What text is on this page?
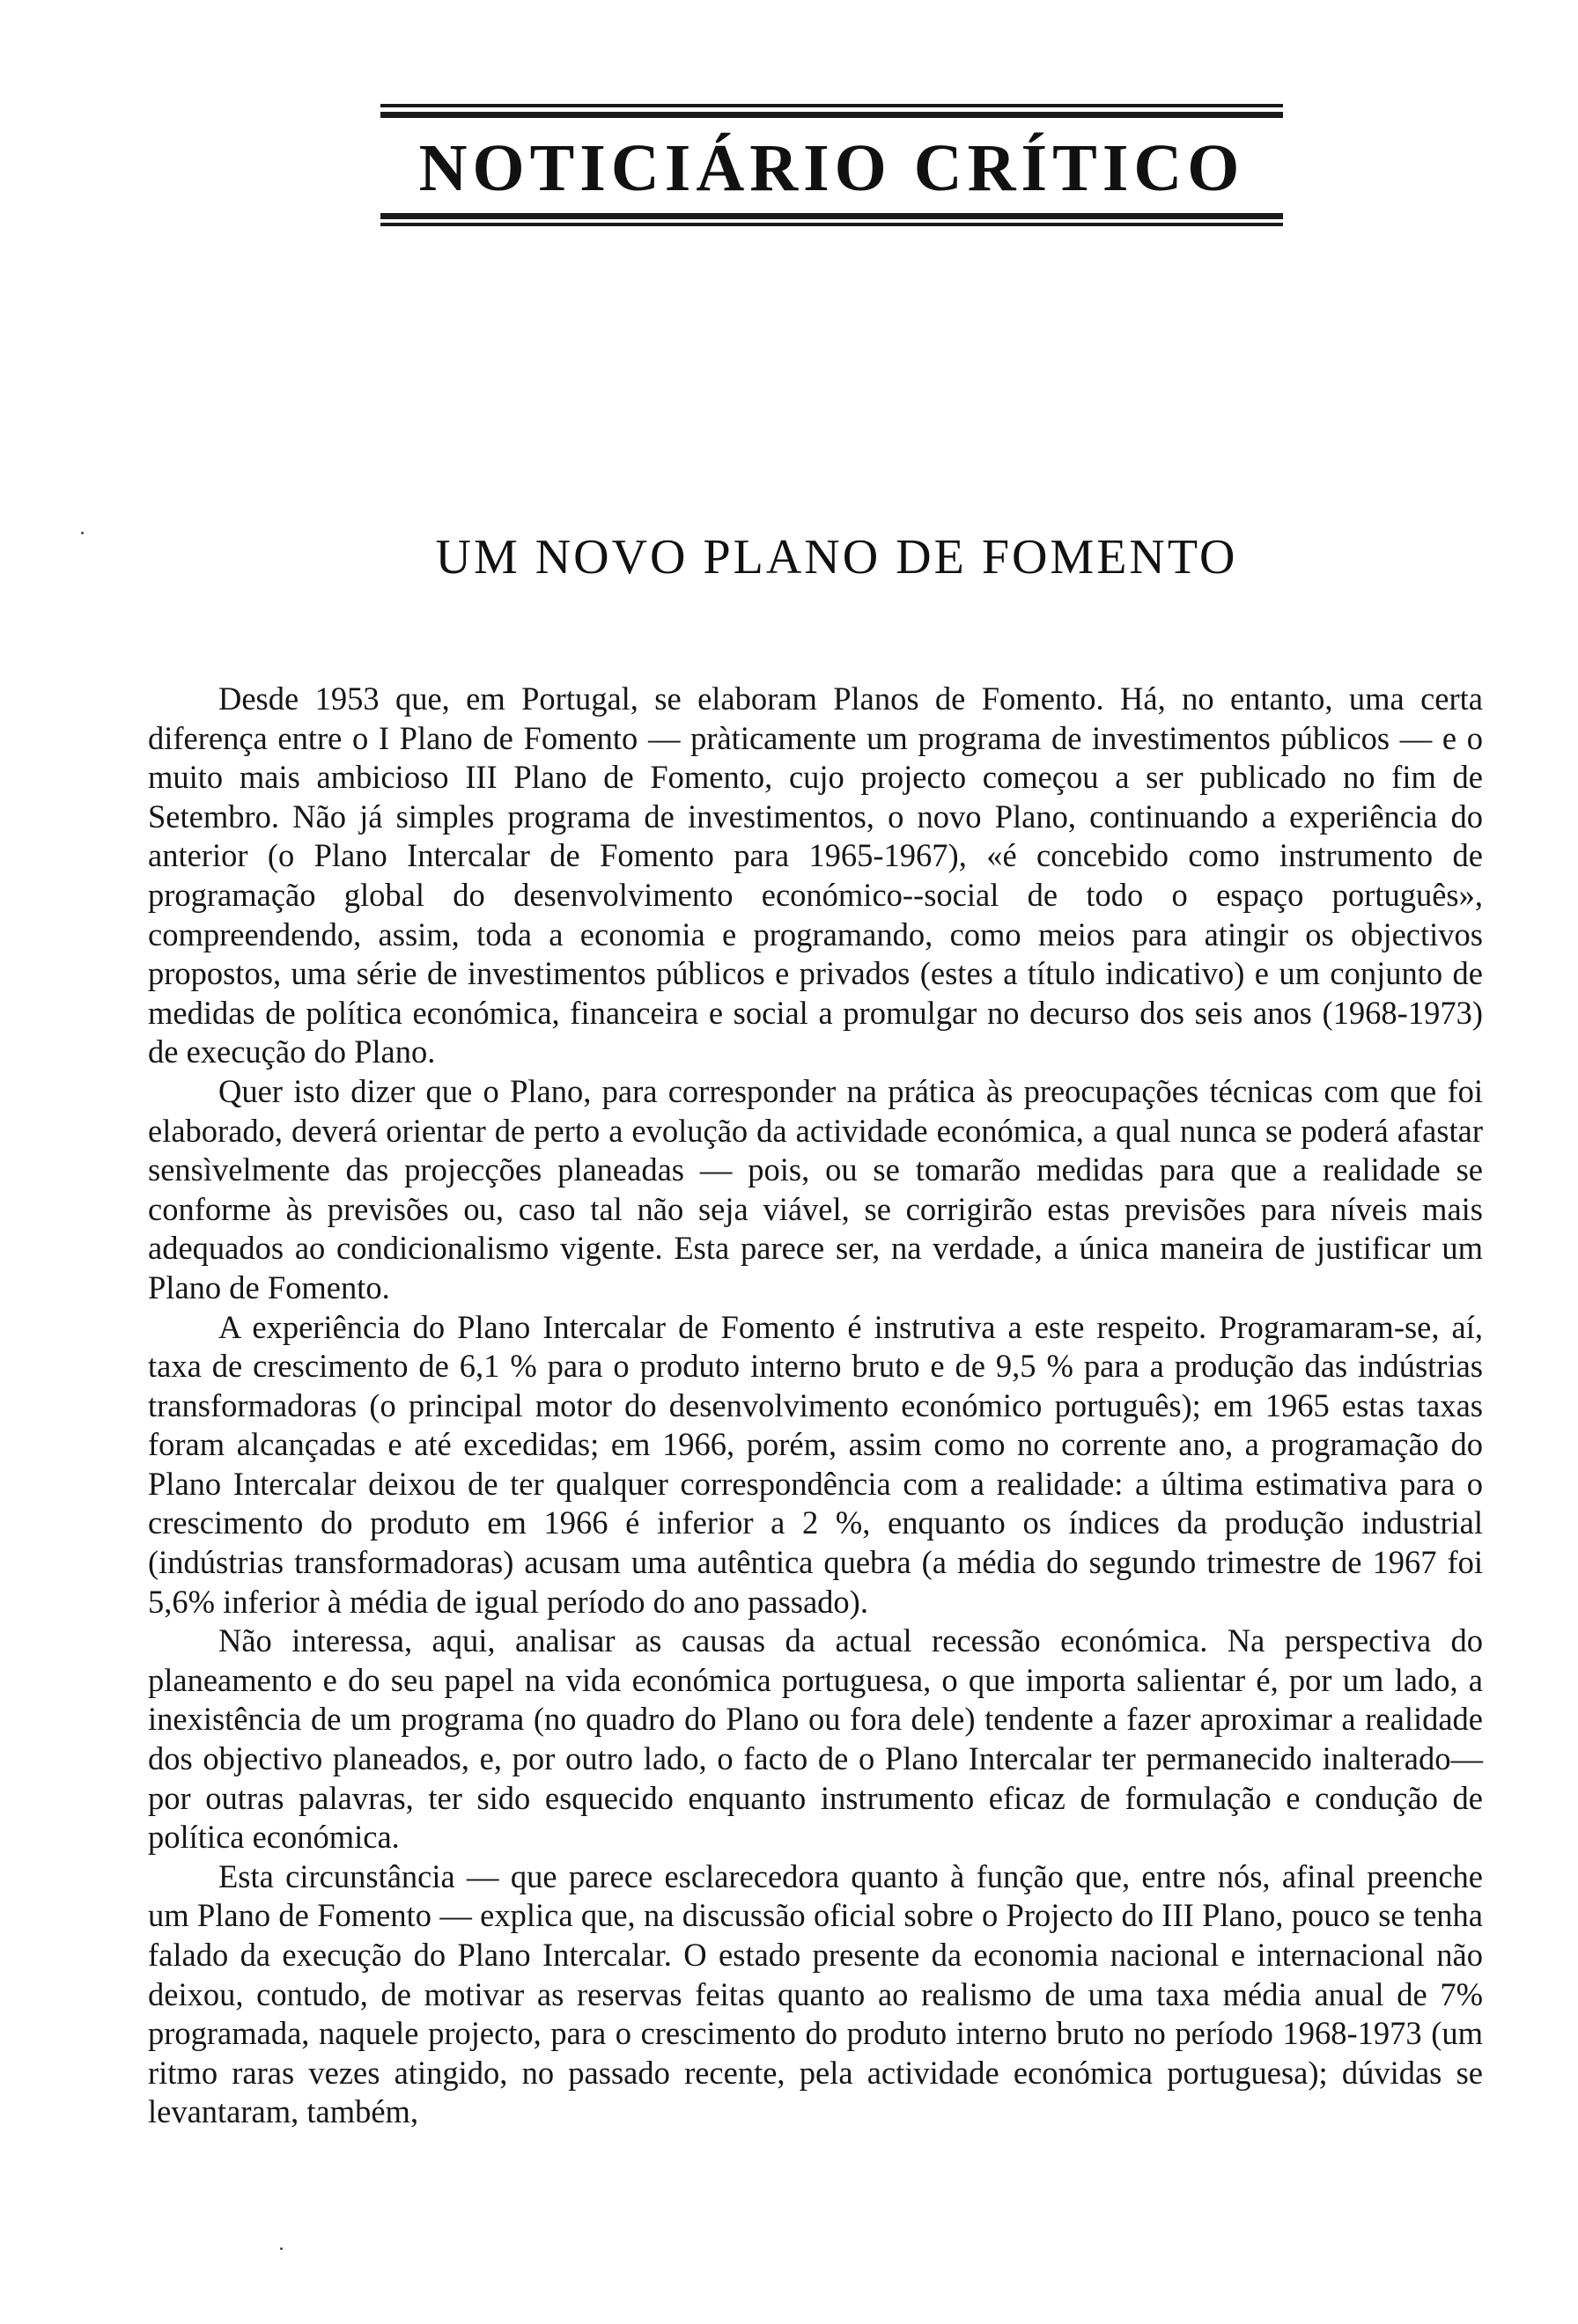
NOTICIÁRIO CRÍTICO
UM NOVO PLANO DE FOMENTO

Desde 1953 que, em Portugal, se elaboram Planos de Fomento. Há, no entanto, uma certa diferença entre o I Plano de Fomento — pràticamente um programa de investimentos públicos — e o muito mais ambicioso III Plano de Fomento, cujo projecto começou a ser publicado no fim de Setembro. Não já simples programa de investimentos, o novo Plano, continuando a experiência do anterior (o Plano Intercalar de Fomento para 1965-1967), «é concebido como instrumento de programação global do desenvolvimento económico--social de todo o espaço português», compreendendo, assim, toda a economia e programando, como meios para atingir os objectivos propostos, uma série de investimentos públicos e privados (estes a título indicativo) e um conjunto de medidas de política económica, financeira e social a promulgar no decurso dos seis anos (1968-1973) de execução do Plano.

Quer isto dizer que o Plano, para corresponder na prática às preocupações técnicas com que foi elaborado, deverá orientar de perto a evolução da actividade económica, a qual nunca se poderá afastar sensìvelmente das projecções planeadas — pois, ou se tomarão medidas para que a realidade se conforme às previsões ou, caso tal não seja viável, se corrigirão estas previsões para níveis mais adequados ao condicionalismo vigente. Esta parece ser, na verdade, a única maneira de justificar um Plano de Fomento.

A experiência do Plano Intercalar de Fomento é instrutiva a este respeito. Programaram-se, aí, taxa de crescimento de 6,1 % para o produto interno bruto e de 9,5 % para a produção das indústrias transformadoras (o principal motor do desenvolvimento económico português); em 1965 estas taxas foram alcançadas e até excedidas; em 1966, porém, assim como no corrente ano, a programação do Plano Intercalar deixou de ter qualquer correspondência com a realidade: a última estimativa para o crescimento do produto em 1966 é inferior a 2 %, enquanto os índices da produção industrial (indústrias transformadoras) acusam uma autêntica quebra (a média do segundo trimestre de 1967 foi 5,6% inferior à média de igual período do ano passado).

Não interessa, aqui, analisar as causas da actual recessão económica. Na perspectiva do planeamento e do seu papel na vida económica portuguesa, o que importa salientar é, por um lado, a inexistência de um programa (no quadro do Plano ou fora dele) tendente a fazer aproximar a realidade dos objectivo planeados, e, por outro lado, o facto de o Plano Intercalar ter permanecido inalterado—por outras palavras, ter sido esquecido enquanto instrumento eficaz de formulação e condução de política económica.

Esta circunstância — que parece esclarecedora quanto à função que, entre nós, afinal preenche um Plano de Fomento — explica que, na discussão oficial sobre o Projecto do III Plano, pouco se tenha falado da execução do Plano Intercalar. O estado presente da economia nacional e internacional não deixou, contudo, de motivar as reservas feitas quanto ao realismo de uma taxa média anual de 7% programada, naquele projecto, para o crescimento do produto interno bruto no período 1968-1973 (um ritmo raras vezes atingido, no passado recente, pela actividade económica portuguesa); dúvidas se levantaram, também,
